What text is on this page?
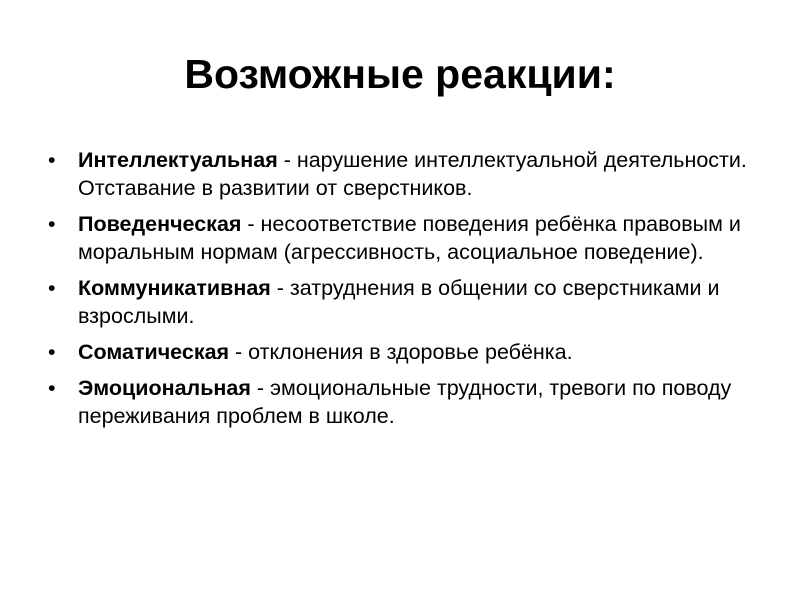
Возможные реакции:
• Интеллектуальная - нарушение интеллектуальной деятельности. Отставание в развитии от сверстников.
• Поведенческая - несоответствие поведения ребёнка правовым и моральным нормам (агрессивность, асоциальное поведение).
• Коммуникативная - затруднения в общении со сверстниками и взрослыми.
• Соматическая - отклонения в здоровье ребёнка.
• Эмоциональная - эмоциональные трудности, тревоги по поводу переживания проблем в школе.
